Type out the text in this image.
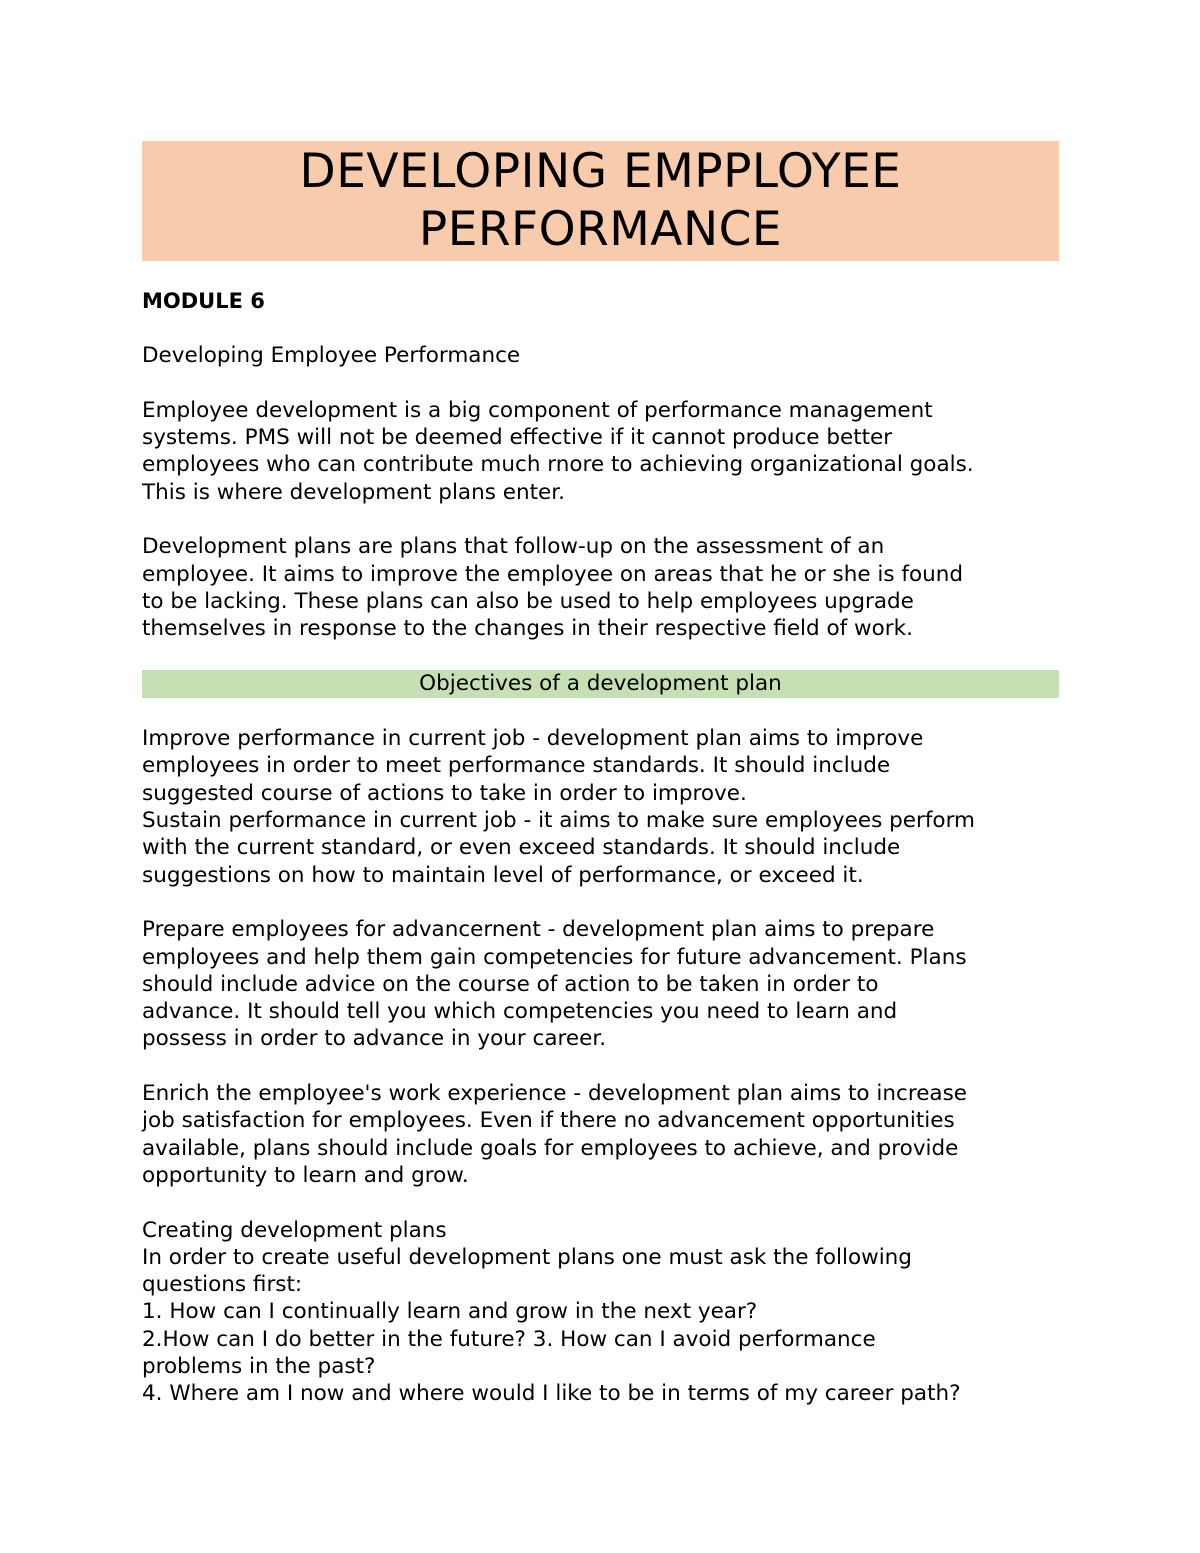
DEVELOPING EMPPLOYEE
PERFORMANCE
MODULE 6
Developing Employee Performance
Employee development is a big component of performance management
systems. PMS will not be deemed effective if it cannot produce better
employees who can contribute much rnore to achieving organizational goals.
This is where development plans enter.
Development plans are plans that follow-up on the assessment of an
employee. It aims to improve the employee on areas that he or she is found
to be lacking. These plans can also be used to help employees upgrade
themselves in response to the changes in their respective field of work.
Objectives of a development plan
Improve performance in current job - development plan aims to improve
employees in order to meet performance standards. It should include
suggested course of actions to take in order to improve.
Sustain performance in current job - it aims to make sure employees perform
with the current standard, or even exceed standards. It should include
suggestions on how to maintain level of performance, or exceed it.
Prepare employees for advancernent - development plan aims to prepare
employees and help them gain competencies for future advancement. Plans
should include advice on the course of action to be taken in order to
advance. It should tell you which competencies you need to learn and
possess in order to advance in your career.
Enrich the employee's work experience - development plan aims to increase
job satisfaction for employees. Even if there no advancement opportunities
available, plans should include goals for employees to achieve, and provide
opportunity to learn and grow.
Creating development plans
In order to create useful development plans one must ask the following
questions first:
1. How can I continually learn and grow in the next year?
2.How can I do better in the future? 3. How can I avoid performance
problems in the past?
4. Where am I now and where would I like to be in terms of my career path?
